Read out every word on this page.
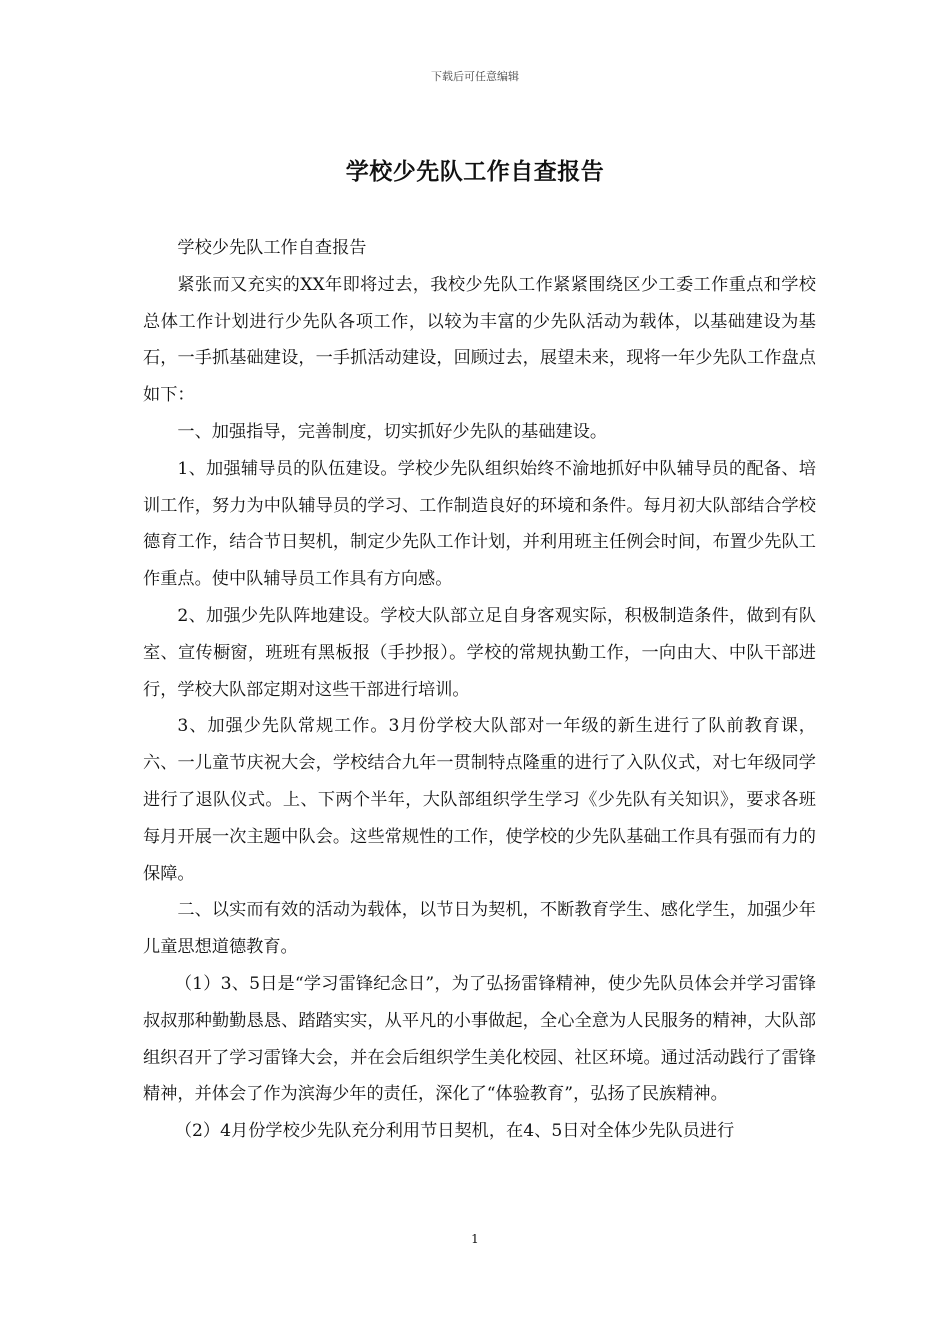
下载后可任意编辑
学校少先队工作自查报告

学校少先队工作自查报告

紧张而又充实的XX年即将过去，我校少先队工作紧紧围绕区少工委工作重点和学校总体工作计划进行少先队各项工作，以较为丰富的少先队活动为载体，以基础建设为基石，一手抓基础建设，一手抓活动建设，回顾过去，展望未来，现将一年少先队工作盘点如下：

一、加强指导，完善制度，切实抓好少先队的基础建设。

1、加强辅导员的队伍建设。学校少先队组织始终不渝地抓好中队辅导员的配备、培训工作，努力为中队辅导员的学习、工作制造良好的环境和条件。每月初大队部结合学校德育工作，结合节日契机，制定少先队工作计划，并利用班主任例会时间，布置少先队工作重点。使中队辅导员工作具有方向感。

2、加强少先队阵地建设。学校大队部立足自身客观实际，积极制造条件，做到有队室、宣传橱窗，班班有黑板报（手抄报）。学校的常规执勤工作，一向由大、中队干部进行，学校大队部定期对这些干部进行培训。

3、加强少先队常规工作。3月份学校大队部对一年级的新生进行了队前教育课，六、一儿童节庆祝大会，学校结合九年一贯制特点隆重的进行了入队仪式，对七年级同学进行了退队仪式。上、下两个半年，大队部组织学生学习《少先队有关知识》，要求各班每月开展一次主题中队会。这些常规性的工作，使学校的少先队基础工作具有强而有力的保障。

二、以实而有效的活动为载体，以节日为契机，不断教育学生、感化学生，加强少年儿童思想道德教育。

（1）3、5日是“学习雷锋纪念日”，为了弘扬雷锋精神，使少先队员体会并学习雷锋叔叔那种勤勤恳恳、踏踏实实，从平凡的小事做起，全心全意为人民服务的精神，大队部组织召开了学习雷锋大会，并在会后组织学生美化校园、社区环境。通过活动践行了雷锋精神，并体会了作为滨海少年的责任，深化了“体验教育”，弘扬了民族精神。

（2）4月份学校少先队充分利用节日契机，在4、5日对全体少先队员进行

1
